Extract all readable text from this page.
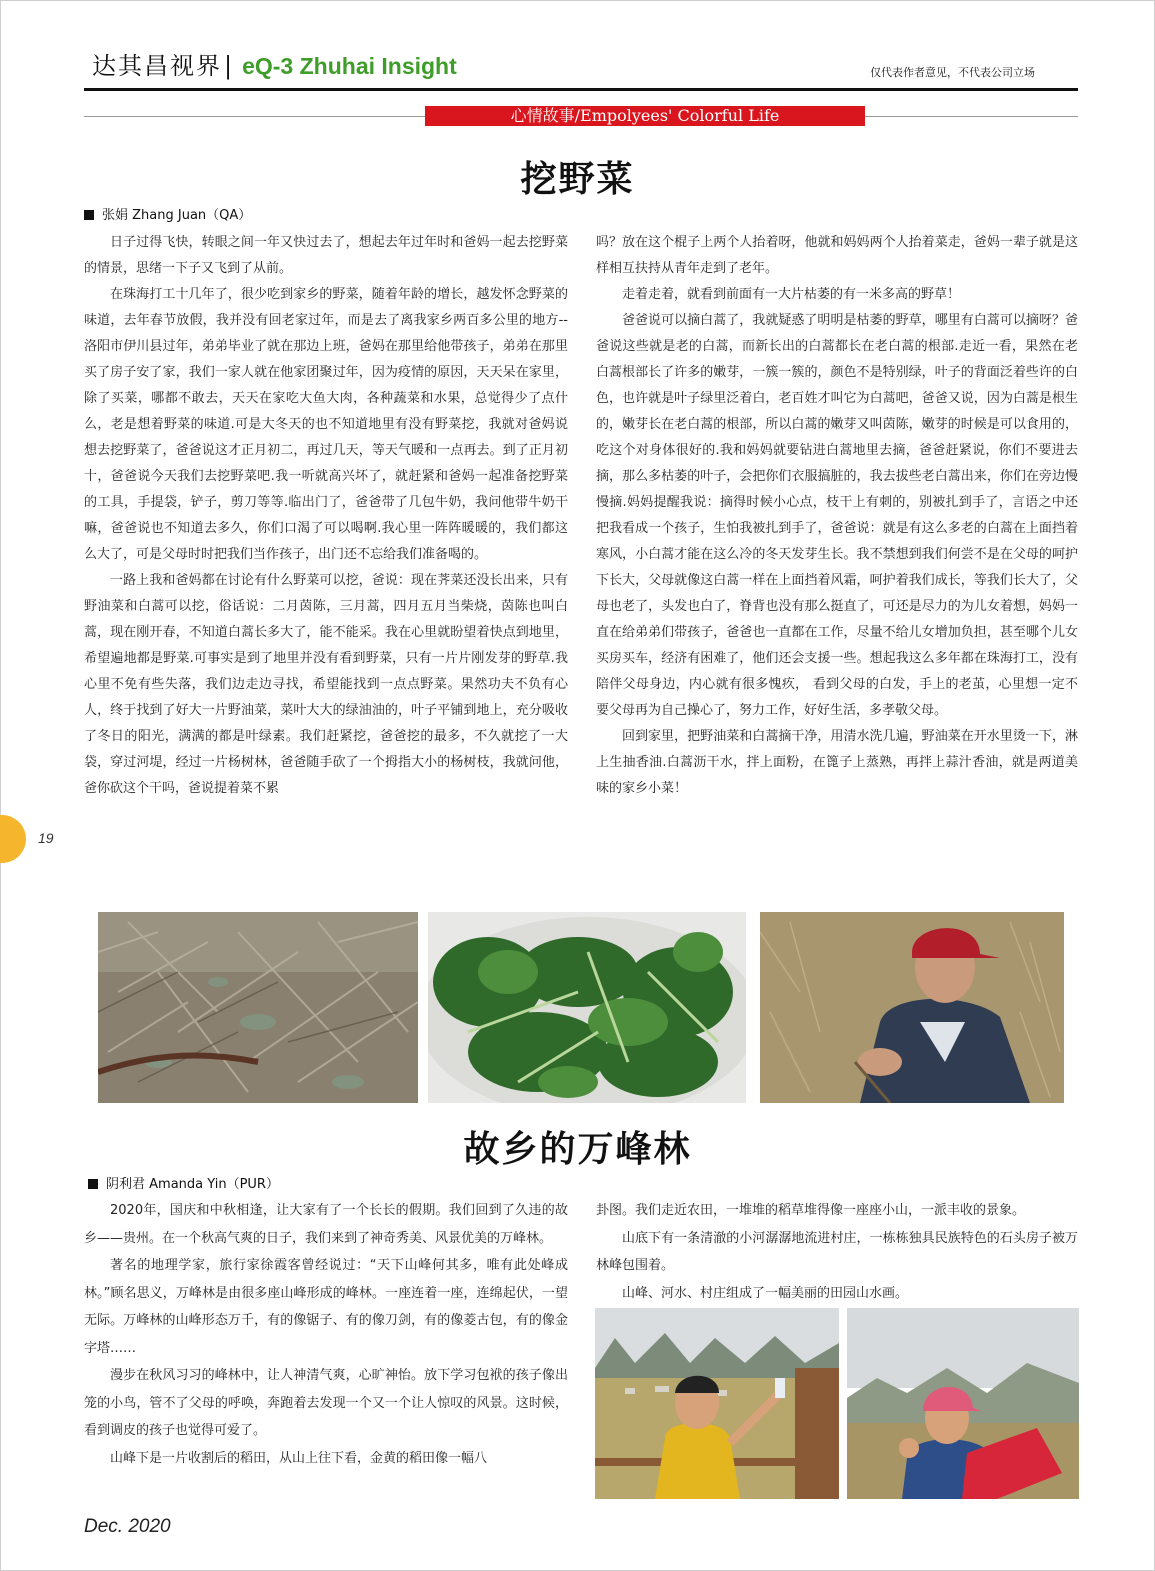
达其昌视界| eQ-3 Zhuhai Insight	仅代表作者意见，不代表公司立场
心情故事/Empolyees' Colorful Life
挖野菜
张娟 Zhang Juan（QA）

日子过得飞快，转眼之间一年又快过去了，想起去年过年时和爸妈一起去挖野菜的情景，思绪一下子又飞到了从前。

在珠海打工十几年了，很少吃到家乡的野菜，随着年龄的增长，越发怀念野菜的味道，去年春节放假，我并没有回老家过年，而是去了离我家乡两百多公里的地方--洛阳市伊川县过年，弟弟毕业了就在那边上班，爸妈在那里给他带孩子，弟弟在那里买了房子安了家，我们一家人就在他家团聚过年，因为疫情的原因，天天呆在家里，除了买菜，哪都不敢去，天天在家吃大鱼大肉，各种蔬菜和水果，总觉得少了点什么，老是想着野菜的味道.可是大冬天的也不知道地里有没有野菜挖，我就对爸妈说想去挖野菜了，爸爸说这才正月初二，再过几天，等天气暖和一点再去。到了正月初十，爸爸说今天我们去挖野菜吧.我一听就高兴坏了，就赶紧和爸妈一起准备挖野菜的工具，手提袋，铲子，剪刀等等.临出门了，爸爸带了几包牛奶，我问他带牛奶干嘛，爸爸说也不知道去多久，你们口渴了可以喝啊.我心里一阵阵暖暖的，我们都这么大了，可是父母时时把我们当作孩子，出门还不忘给我们准备喝的。

一路上我和爸妈都在讨论有什么野菜可以挖，爸说：现在荠菜还没长出来，只有野油菜和白蒿可以挖，俗话说：二月茵陈，三月蒿，四月五月当柴烧，茵陈也叫白蒿，现在刚开春，不知道白蒿长多大了，能不能采。我在心里就盼望着快点到地里，希望遍地都是野菜.可事实是到了地里并没有看到野菜，只有一片片刚发芽的野草.我心里不免有些失落，我们边走边寻找，希望能找到一点点野菜。果然功夫不负有心人，终于找到了好大一片野油菜，菜叶大大的绿油油的，叶子平铺到地上，充分吸收了冬日的阳光，满满的都是叶绿素。我们赶紧挖，爸爸挖的最多，不久就挖了一大袋，穿过河堤，经过一片杨树林，爸爸随手砍了一个拇指大小的杨树枝，我就问他，爸你砍这个干吗，爸说提着菜不累

吗？放在这个棍子上两个人抬着呀，他就和妈妈两个人抬着菜走，爸妈一辈子就是这样相互扶持从青年走到了老年。

走着走着，就看到前面有一大片枯萎的有一米多高的野草！

爸爸说可以摘白蒿了，我就疑惑了明明是枯萎的野草，哪里有白蒿可以摘呀？爸爸说这些就是老的白蒿，而新长出的白蒿都长在老白蒿的根部.走近一看，果然在老白蒿根部长了许多的嫩芽，一簇一簇的，颜色不是特别绿，叶子的背面泛着些许的白色，也许就是叶子绿里泛着白，老百姓才叫它为白蒿吧，爸爸又说，因为白蒿是根生的，嫩芽长在老白蒿的根部，所以白蒿的嫩芽又叫茵陈，嫩芽的时候是可以食用的，吃这个对身体很好的.我和妈妈就要钻进白蒿地里去摘，爸爸赶紧说，你们不要进去摘，那么多枯萎的叶子，会把你们衣服搞脏的，我去拔些老白蒿出来，你们在旁边慢慢摘.妈妈提醒我说：摘得时候小心点，枝干上有刺的，别被扎到手了，言语之中还把我看成一个孩子，生怕我被扎到手了，爸爸说：就是有这么多老的白蒿在上面挡着寒风，小白蒿才能在这么冷的冬天发芽生长。我不禁想到我们何尝不是在父母的呵护下长大，父母就像这白蒿一样在上面挡着风霜，呵护着我们成长，等我们长大了，父母也老了，头发也白了，脊背也没有那么挺直了，可还是尽力的为儿女着想，妈妈一直在给弟弟们带孩子，爸爸也一直都在工作，尽量不给儿女增加负担，甚至哪个儿女买房买车，经济有困难了，他们还会支援一些。想起我这么多年都在珠海打工，没有陪伴父母身边，内心就有很多愧疚， 看到父母的白发，手上的老茧，心里想一定不要父母再为自己操心了，努力工作，好好生活，多孝敬父母。

回到家里，把野油菜和白蒿摘干净，用清水洗几遍，野油菜在开水里烫一下，淋上生抽香油.白蒿沥干水，拌上面粉，在篦子上蒸熟，再拌上蒜汁香油，就是两道美味的家乡小菜！

故乡的万峰林
阴利君 Amanda Yin（PUR）

2020年，国庆和中秋相逢，让大家有了一个长长的假期。我们回到了久违的故乡——贵州。在一个秋高气爽的日子，我们来到了神奇秀美、风景优美的万峰林。

著名的地理学家，旅行家徐霞客曾经说过：“天下山峰何其多，唯有此处峰成林。”顾名思义，万峰林是由很多座山峰形成的峰林。一座连着一座，连绵起伏，一望无际。万峰林的山峰形态万千，有的像锯子、有的像刀剑，有的像菱古包，有的像金字塔……

漫步在秋风习习的峰林中，让人神清气爽，心旷神怡。放下学习包袱的孩子像出笼的小鸟，管不了父母的呼唤，奔跑着去发现一个又一个让人惊叹的风景。这时候，看到调皮的孩子也觉得可爱了。

山峰下是一片收割后的稻田，从山上往下看，金黄的稻田像一幅八

卦图。我们走近农田，一堆堆的稻草堆得像一座座小山，一派丰收的景象。

山底下有一条清澈的小河潺潺地流进村庄，一栋栋独具民族特色的石头房子被万林峰包围着。

山峰、河水、村庄组成了一幅美丽的田园山水画。

19
Dec. 2020
